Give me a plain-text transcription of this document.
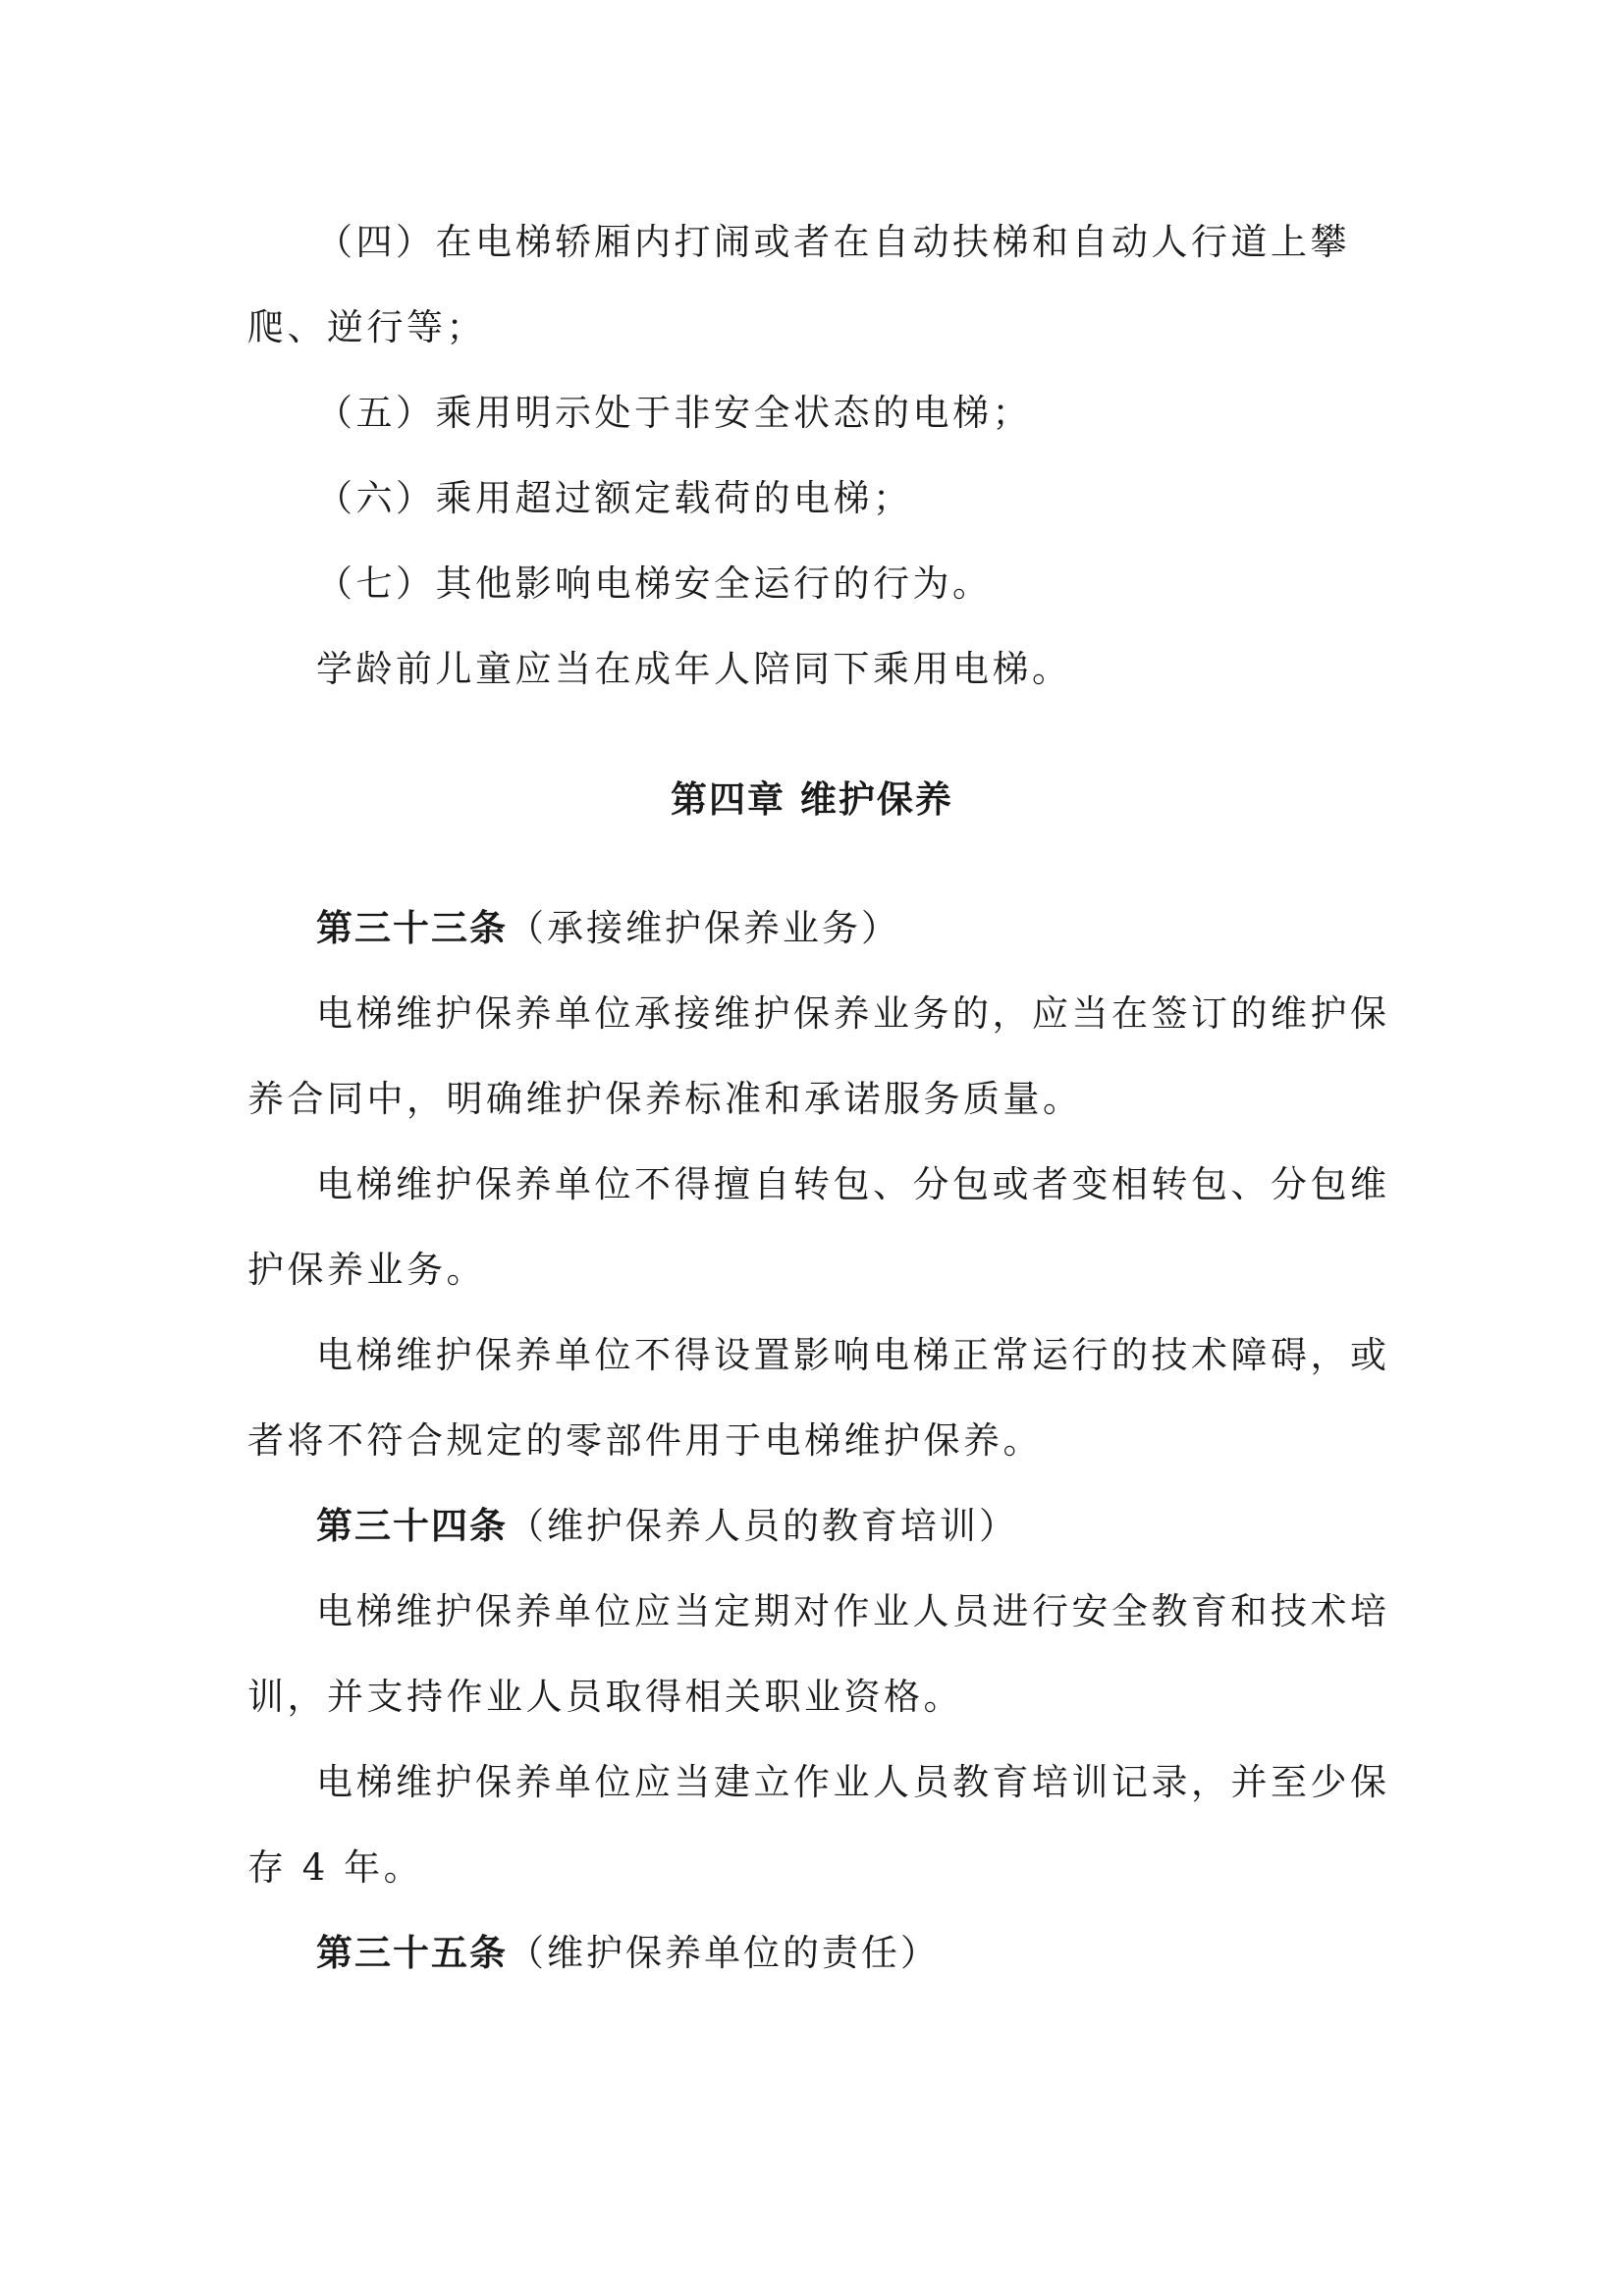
（四）在电梯轿厢内打闹或者在自动扶梯和自动人行道上攀
爬、逆行等；
（五）乘用明示处于非安全状态的电梯；
（六）乘用超过额定载荷的电梯；
（七）其他影响电梯安全运行的行为。
学龄前儿童应当在成年人陪同下乘用电梯。
第四章 维护保养
第三十三条（承接维护保养业务）
电梯维护保养单位承接维护保养业务的，应当在签订的维护保
养合同中，明确维护保养标准和承诺服务质量。
电梯维护保养单位不得擅自转包、分包或者变相转包、分包维
护保养业务。
电梯维护保养单位不得设置影响电梯正常运行的技术障碍，或
者将不符合规定的零部件用于电梯维护保养。
第三十四条（维护保养人员的教育培训）
电梯维护保养单位应当定期对作业人员进行安全教育和技术培
训，并支持作业人员取得相关职业资格。
电梯维护保养单位应当建立作业人员教育培训记录，并至少保
存 4 年。
第三十五条（维护保养单位的责任）
